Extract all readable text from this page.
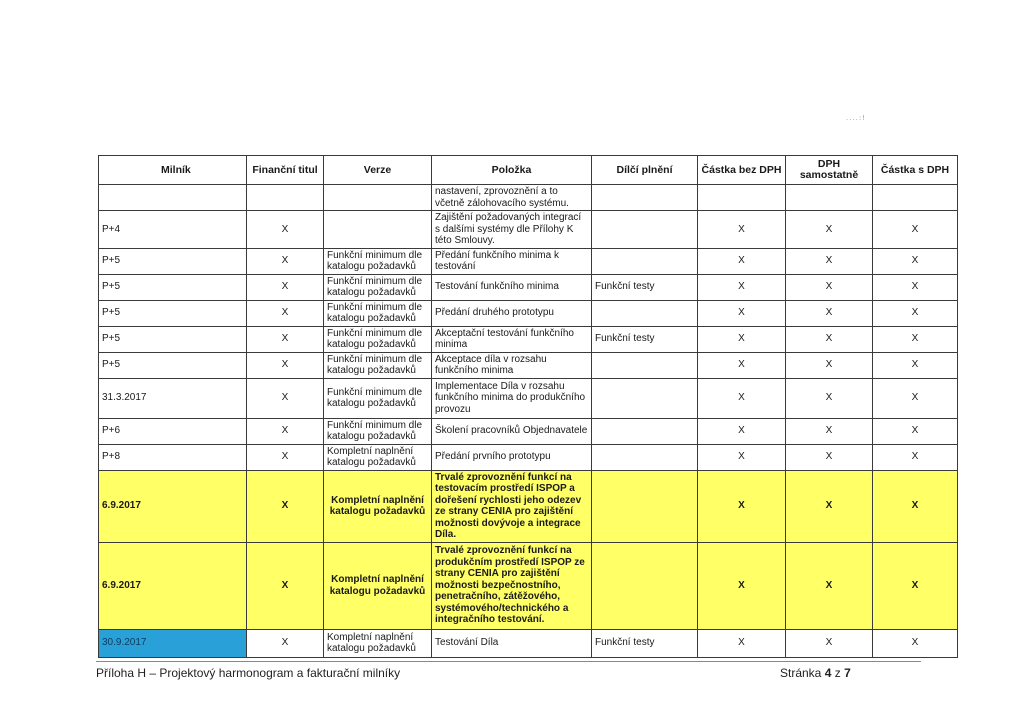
....:!
Milník	Finanční titul	Verze	Položka	Dílčí plnění	Částka bez DPH	DPH samostatně	Částka s DPH
			nastavení, zprovoznění a to včetně zálohovacího systému.				
P+4	X		Zajištění požadovaných integrací s dalšími systémy dle Přílohy K této Smlouvy.		X	X	X
P+5	X	Funkční minimum dle katalogu požadavků	Předání funkčního minima k testování		X	X	X
P+5	X	Funkční minimum dle katalogu požadavků	Testování funkčního minima	Funkční testy	X	X	X
P+5	X	Funkční minimum dle katalogu požadavků	Předání druhého prototypu		X	X	X
P+5	X	Funkční minimum dle katalogu požadavků	Akceptační testování funkčního minima	Funkční testy	X	X	X
P+5	X	Funkční minimum dle katalogu požadavků	Akceptace díla v rozsahu funkčního minima		X	X	X
31.3.2017	X	Funkční minimum dle katalogu požadavků	Implementace Díla v rozsahu funkčního minima do produkčního provozu		X	X	X
P+6	X	Funkční minimum dle katalogu požadavků	Školení pracovníků Objednavatele		X	X	X
P+8	X	Kompletní naplnění katalogu požadavků	Předání prvního prototypu		X	X	X
6.9.2017	X	Kompletní naplnění katalogu požadavků	Trvalé zprovoznění funkcí na testovacím prostředí ISPOP a dořešení rychlosti jeho odezev ze strany CENIA pro zajištění možnosti dovývoje a integrace Díla.		X	X	X
6.9.2017	X	Kompletní naplnění katalogu požadavků	Trvalé zprovoznění funkcí na produkčním prostředí ISPOP ze strany CENIA pro zajištění možnosti bezpečnostního, penetračního, zátěžového, systémového/technického a integračního testování.		X	X	X
30.9.2017	X	Kompletní naplnění katalogu požadavků	Testování Díla	Funkční testy	X	X	X
Příloha H – Projektový harmonogram a fakturační milníky	Stránka 4 z 7
